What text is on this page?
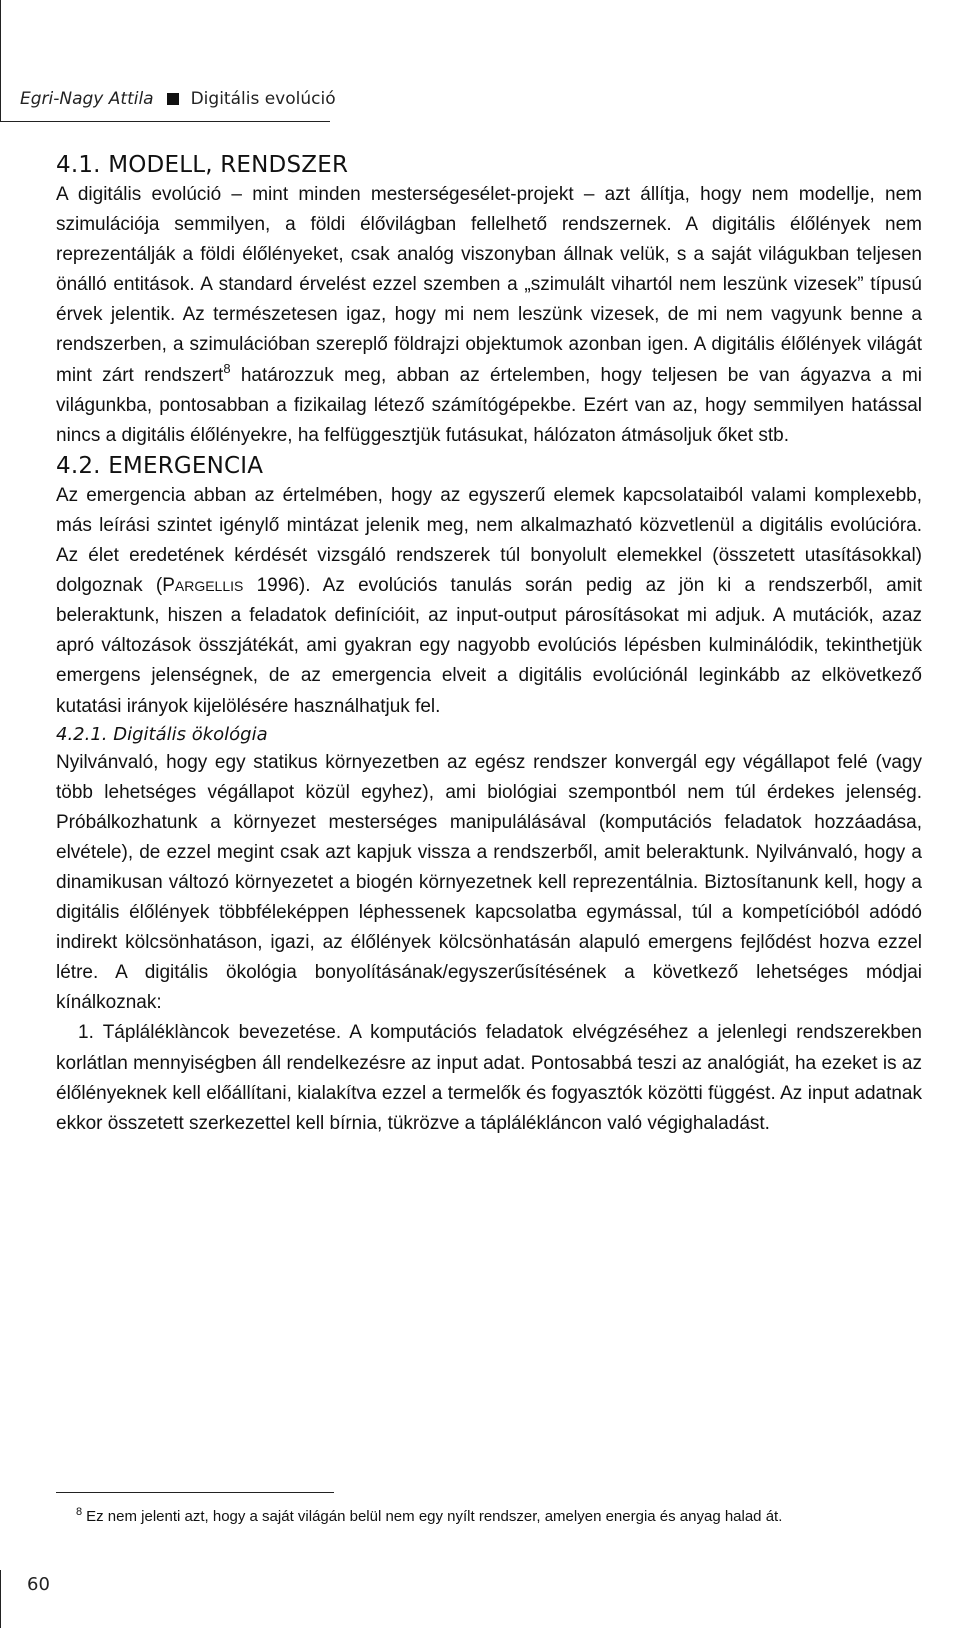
Egri-Nagy Attila Digitális evolúció
4.1. MODELL, RENDSZER

A digitális evolúció – mint minden mesterségesélet-projekt – azt állítja, hogy nem modellje, nem szimulációja semmilyen, a földi élővilágban fellelhető rendszernek. A digitális élőlények nem reprezentálják a földi élőlényeket, csak analóg viszonyban állnak velük, s a saját világukban teljesen önálló entitások. A standard érvelést ezzel szemben a „szimulált vihartól nem leszünk vizesek” típusú érvek jelentik. Az természetesen igaz, hogy mi nem leszünk vizesek, de mi nem vagyunk benne a rendszerben, a szimulációban szereplő földrajzi objektumok azonban igen. A digitális élőlények világát mint zárt rendszert$^8$ határozzuk meg, abban az értelemben, hogy teljesen be van ágyazva a mi világunkba, pontosabban a fizikailag létező számítógépekbe. Ezért van az, hogy semmilyen hatással nincs a digitális élőlényekre, ha felfüggesztjük futásukat, hálózaton átmásoljuk őket stb.

4.2. EMERGENCIA

Az emergencia abban az értelmében, hogy az egyszerű elemek kapcsolataiból valami komplexebb, más leírási szintet igénylő mintázat jelenik meg, nem alkalmazható közvetlenül a digitális evolúcióra. Az élet eredetének kérdését vizsgáló rendszerek túl bonyolult elemekkel (összetett utasításokkal) dolgoznak (PARGELLIS 1996). Az evolúciós tanulás során pedig az jön ki a rendszerből, amit beleraktunk, hiszen a feladatok definícióit, az input-output párosításokat mi adjuk. A mutációk, azaz apró változások összjátékát, ami gyakran egy nagyobb evolúciós lépésben kulminálódik, tekinthetjük emergens jelenségnek, de az emergencia elveit a digitális evolúciónál leginkább az elkövetkező kutatási irányok kijelölésére használhatjuk fel.

4.2.1. Digitális ökológia

Nyilvánvaló, hogy egy statikus környezetben az egész rendszer konvergál egy végállapot felé (vagy több lehetséges végállapot közül egyhez), ami biológiai szempontból nem túl érdekes jelenség. Próbálkozhatunk a környezet mesterséges manipulálásával (komputációs feladatok hozzáadása, elvétele), de ezzel megint csak azt kapjuk vissza a rendszerből, amit beleraktunk. Nyilvánvaló, hogy a dinamikusan változó környezetet a biogén környezetnek kell reprezentálnia. Biztosítanunk kell, hogy a digitális élőlények többféleképpen léphessenek kapcsolatba egymással, túl a kompetícióból adódó indirekt kölcsönhatáson, igazi, az élőlények kölcsönhatásán alapuló emergens fejlődést hozva ezzel létre. A digitális ökológia bonyolításának/egyszerűsítésének a következő lehetséges módjai kínálkoznak:

1. Tápláléklàncok bevezetése. A komputációs feladatok elvégzéséhez a jelenlegi rendszerekben korlátlan mennyiségben áll rendelkezésre az input adat. Pontosabbá teszi az analógiát, ha ezeket is az élőlényeknek kell előállítani, kialakítva ezzel a termelők és fogyasztók közötti függést. Az input adatnak ekkor összetett szerkezettel kell bírnia, tükrözve a táplálékláncon való végighaladást.

$^8$ Ez nem jelenti azt, hogy a saját világán belül nem egy nyílt rendszer, amelyen energia és anyag halad át.
60
